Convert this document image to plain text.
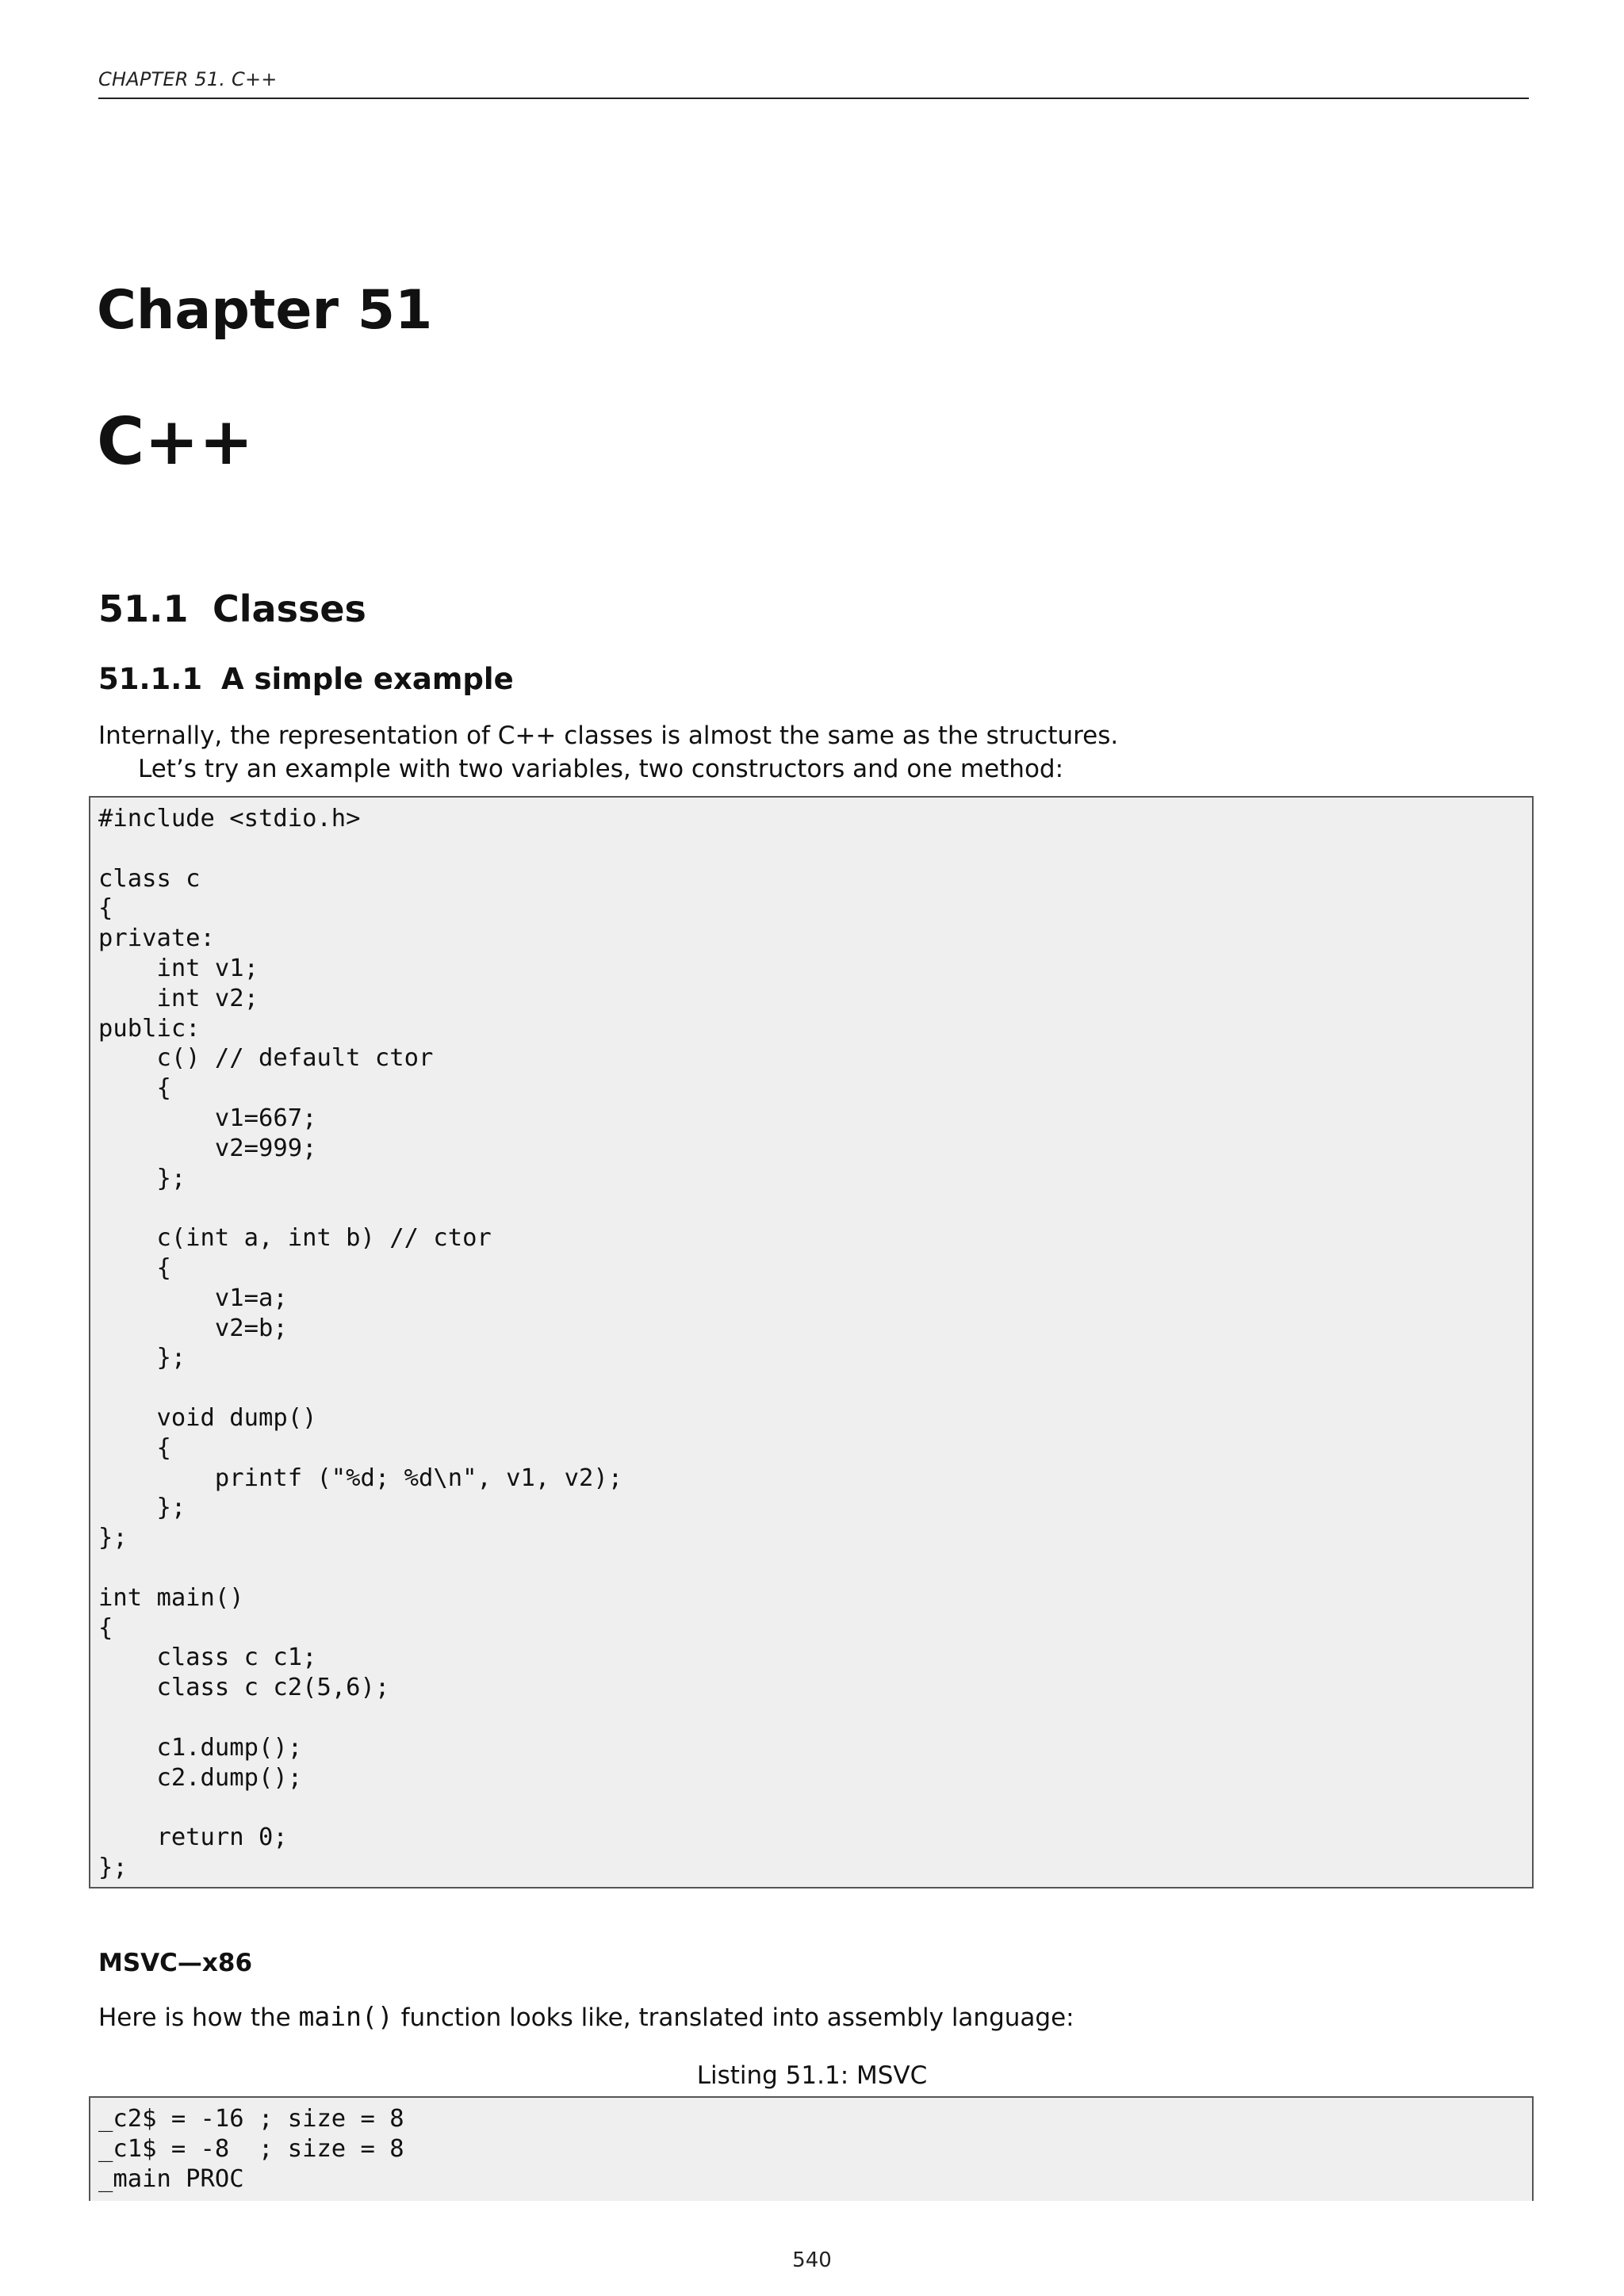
CHAPTER 51. C++
Chapter 51
C++
51.1 Classes
51.1.1 A simple example
Internally, the representation of C++ classes is almost the same as the structures.
Let’s try an example with two variables, two constructors and one method:
#include <stdio.h>

class c
{
private:
int v1;
int v2;
public:
c() // default ctor
{
v1=667;
v2=999;
};

c(int a, int b) // ctor
{
v1=a;
v2=b;
};

void dump()
{
printf ("%d; %d\n", v1, v2);
};
};

int main()
{
class c c1;
class c c2(5,6);

c1.dump();
c2.dump();

return 0;
};
MSVC—x86
Here is how the main() function looks like, translated into assembly language:
Listing 51.1: MSVC
_c2$ = -16 ; size = 8
_c1$ = -8  ; size = 8
_main PROC
540
